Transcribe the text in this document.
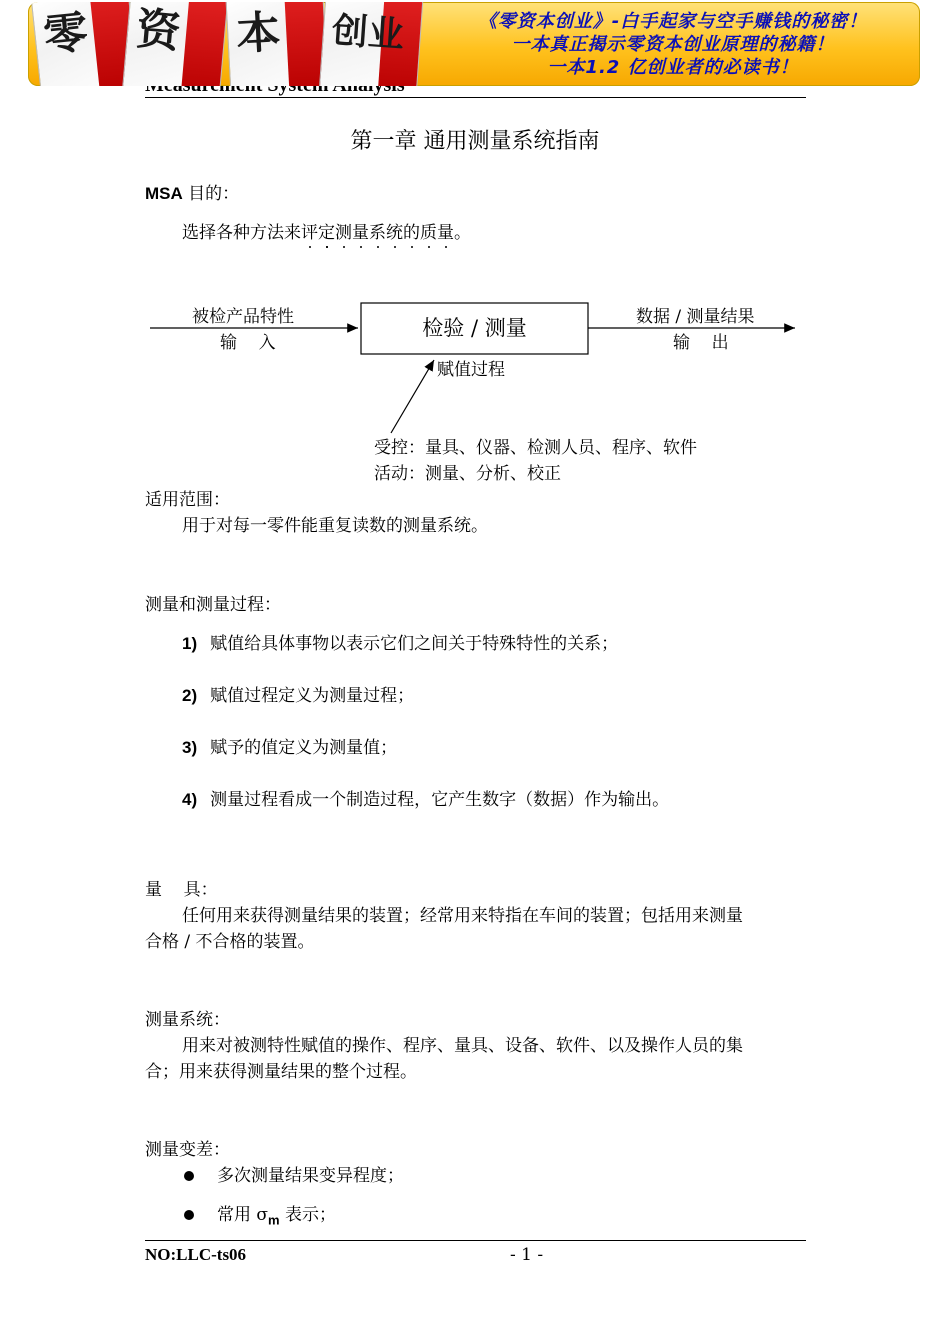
零 资 本 创业	《零资本创业》-白手起家与空手赚钱的秘密！
一本真正揭示零资本创业原理的秘籍！
一本1.2 亿创业者的必读书！
第一章 通用测量系统指南
MSA 目的：
选择各种方法来评定测量系统的质量。
被检产品特性
输    入
检验 / 测量	数据 / 测量结果
输    出
赋值过程
受控：量具、仪器、检测人员、程序、软件
活动：测量、分析、校正
适用范围：
用于对每一零件能重复读数的测量系统。
测量和测量过程：
1) 赋值给具体事物以表示它们之间关于特殊特性的关系；
2) 赋值过程定义为测量过程；
3) 赋予的值定义为测量值；
4) 测量过程看成一个制造过程，它产生数字（数据）作为输出。
量    具：
任何用来获得测量结果的装置；经常用来特指在车间的装置；包括用来测量
合格 / 不合格的装置。
测量系统：
用来对被测特性赋值的操作、程序、量具、设备、软件、以及操作人员的集
合；用来获得测量结果的整个过程。
测量变差：
多次测量结果变异程度；
常用 $\sigma_m$ 表示；
NO:LLC-ts06	- 1 -
